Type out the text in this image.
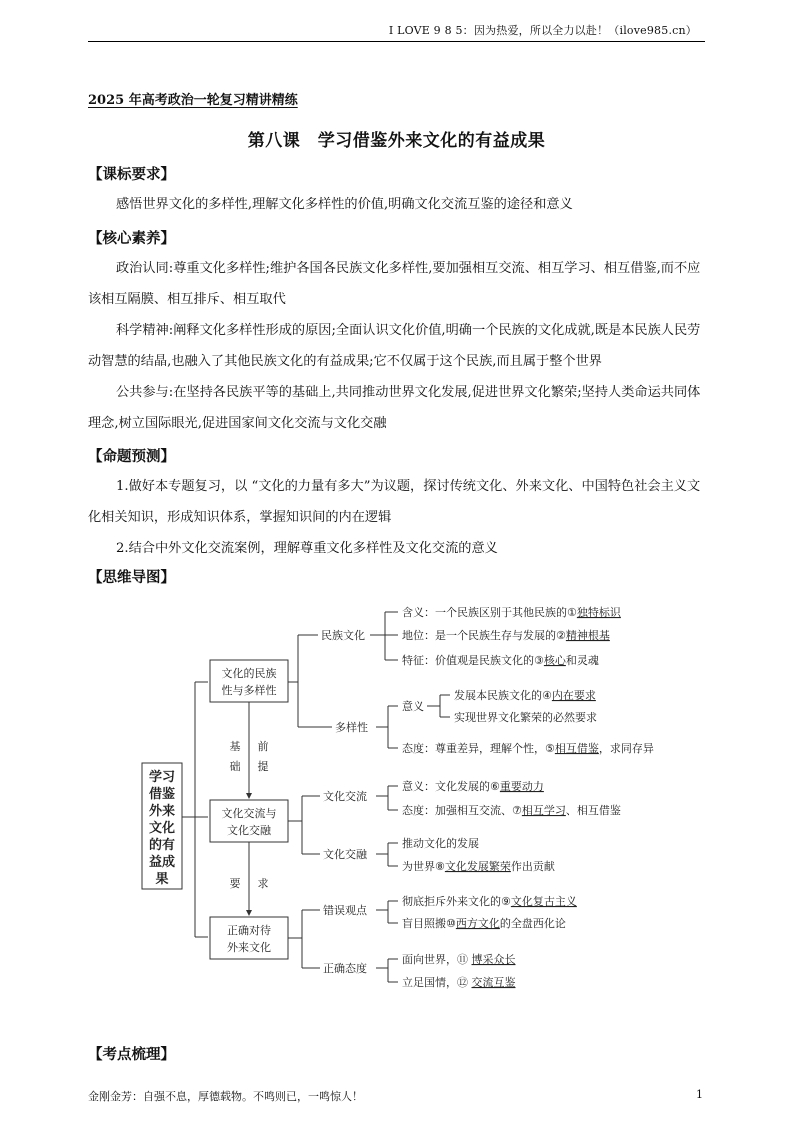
I LOVE 9 8 5：因为热爱，所以全力以赴！（ilove985.cn）
2025 年高考政治一轮复习精讲精练
第八课　学习借鉴外来文化的有益成果
【课标要求】

感悟世界文化的多样性,理解文化多样性的价值,明确文化交流互鉴的途径和意义

【核心素养】

政治认同:尊重文化多样性;维护各国各民族文化多样性,要加强相互交流、相互学习、相互借鉴,而不应该相互隔膜、相互排斥、相互取代

科学精神:阐释文化多样性形成的原因;全面认识文化价值,明确一个民族的文化成就,既是本民族人民劳动智慧的结晶,也融入了其他民族文化的有益成果;它不仅属于这个民族,而且属于整个世界

公共参与:在坚持各民族平等的基础上,共同推动世界文化发展,促进世界文化繁荣;坚持人类命运共同体理念,树立国际眼光,促进国家间文化交流与文化交融

【命题预测】

1.做好本专题复习，以 “文化的力量有多大”为议题，探讨传统文化、外来文化、中国特色社会主义文化相关知识，形成知识体系，掌握知识间的内在逻辑

2.结合中外文化交流案例，理解尊重文化多样性及文化交流的意义

【思维导图】
学习
借鉴
外来
文化
的有
益成
果
文化的民族
性与多样性
文化交流与
文化交融
正确对待
外来文化
基
础
前
提
要 求
民族文化
多样性
含义：一个民族区别于其他民族的①独特标识
地位：是一个民族生存与发展的②精神根基
特征：价值观是民族文化的③核心和灵魂
意义
发展本民族文化的④内在要求
实现世界文化繁荣的必然要求
态度：尊重差异，理解个性，⑤相互借鉴，求同存异
文化交流
文化交融
意义：文化发展的⑥重要动力
态度：加强相互交流、⑦相互学习、相互借鉴
推动文化的发展
为世界⑧文化发展繁荣作出贡献
错误观点
正确态度
彻底拒斥外来文化的⑨文化复古主义
盲目照搬⑩西方文化的全盘西化论
面向世界，⑪ 博采众长
立足国情，⑫ 交流互鉴
【考点梳理】
金刚金芳：自强不息，厚德载物。不鸣则已，一鸣惊人！	1
